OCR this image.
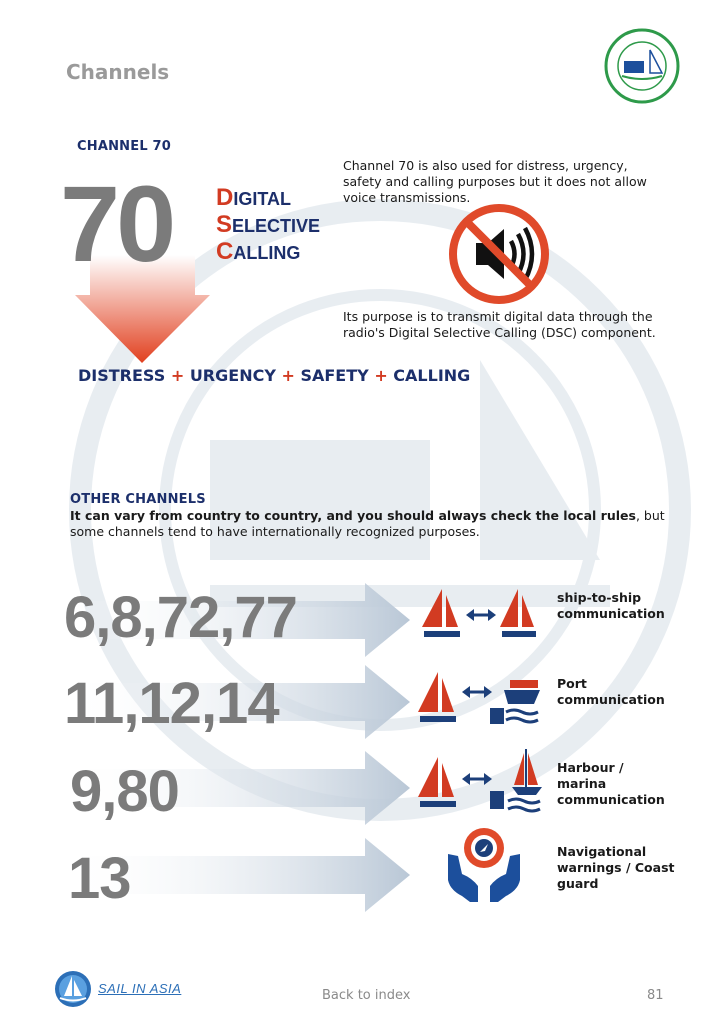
Channels
CHANNEL 70
70 DIGITAL
SELECTIVE
CALLING
Channel 70 is also used for distress, urgency, safety and calling purposes but it does not allow voice transmissions.
Its purpose is to transmit digital data through the radio's Digital Selective Calling (DSC) component.
DISTRESS + URGENCY + SAFETY + CALLING
OTHER CHANNELS
It can vary from country to country, and you should always check the local rules, but some channels tend to have internationally recognized purposes.
6,8,72,77	ship-to-ship communication
11,12,14	Port communication
9,80	Harbour / marina communication
13	Navigational warnings / Coast guard
SAIL IN ASIA	Back to index	81
